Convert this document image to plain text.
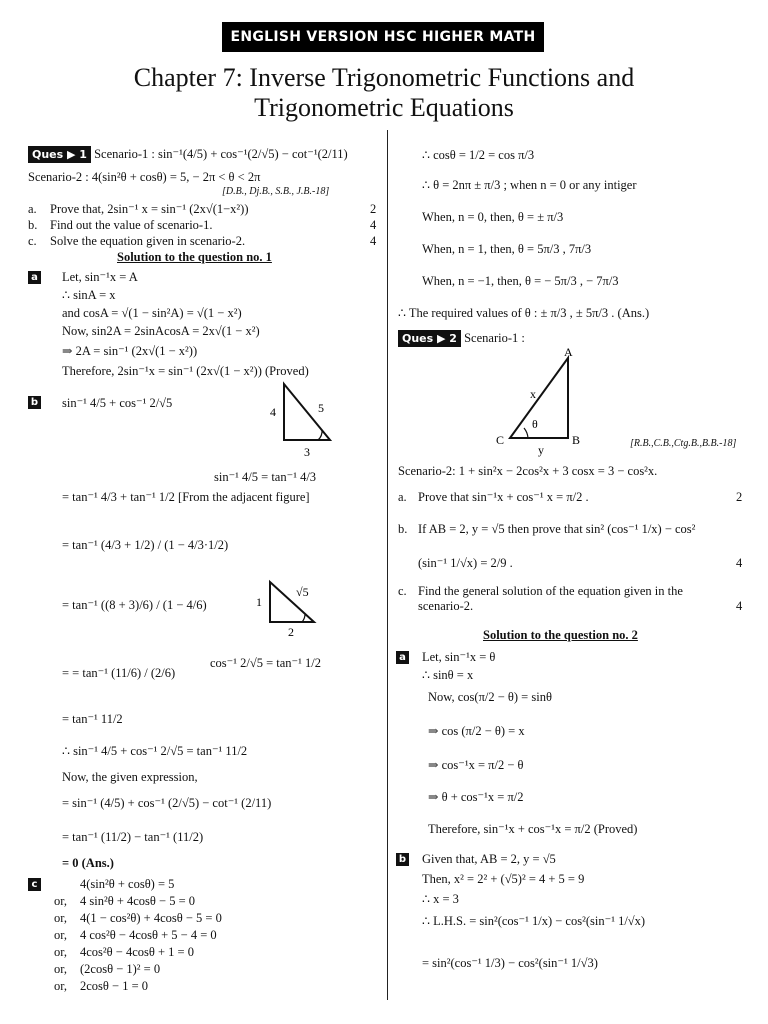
ENGLISH VERSION HSC HIGHER MATH
Chapter 7: Inverse Trigonometric Functions and
Trigonometric Equations
Ques ▶ 1 Scenario-1 : sin⁻¹(4/5) + cos⁻¹(2/√5) − cot⁻¹(2/11)
Scenario-2 : 4(sin²θ + cosθ) = 5, − 2π < θ < 2π
[D.B., Dj.B., S.B., J.B.-18]
a. Prove that, 2sin⁻¹ x = sin⁻¹ (2x√(1−x²))	2
b. Find out the value of scenario-1.	4
c. Solve the equation given in scenario-2.	4
Solution to the question no. 1
a Let, sin⁻¹x = A
∴ sinA = x
and cosA = √(1 − sin²A) = √(1 − x²)
Now, sin2A = 2sinAcosA = 2x√(1 − x²)
⇒ 2A = sin⁻¹ (2x√(1 − x²))
Therefore, 2sin⁻¹x = sin⁻¹ (2x√(1 − x²)) (Proved)
b sin⁻¹ 4/5 + cos⁻¹ 2/√5
4	5
3
sin⁻¹ 4/5 = tan⁻¹ 4/3
= tan⁻¹ 4/3 + tan⁻¹ 1/2 [From the adjacent figure]
= tan⁻¹ (4/3 + 1/2) / (1 − 4/3·1/2)
= tan⁻¹ ((8 + 3)/6) / (1 − 4/6)	1
√5
2
= = tan⁻¹ (11/6) / (2/6)
cos⁻¹ 2/√5 = tan⁻¹ 1/2
= tan⁻¹ 11/2
∴ sin⁻¹ 4/5 + cos⁻¹ 2/√5 = tan⁻¹ 11/2
Now, the given expression,
= sin⁻¹ (4/5) + cos⁻¹ (2/√5) − cot⁻¹ (2/11)
= tan⁻¹ (11/2) − tan⁻¹ (11/2)
= 0 (Ans.)
c	4(sin²θ + cosθ) = 5
or, 4 sin²θ + 4cosθ − 5 = 0
or, 4(1 − cos²θ) + 4cosθ − 5 = 0
or, 4 cos²θ − 4cosθ + 5 − 4 = 0
or, 4cos²θ − 4cosθ + 1 = 0
or, (2cosθ − 1)² = 0
or, 2cosθ − 1 = 0
∴ cosθ = 1/2 = cos π/3
∴ θ = 2nπ ± π/3 ; when n = 0 or any intiger
When, n = 0, then, θ = ± π/3
When, n = 1, then, θ = 5π/3 , 7π/3
When, n = −1, then, θ = − 5π/3 , − 7π/3
∴ The required values of θ : ± π/3 , ± 5π/3 . (Ans.)
Ques ▶ 2 Scenario-1 :
A
B
C
x
y
θ
[R.B.,C.B.,Ctg.B.,B.B.-18]
Scenario-2: 1 + sin²x − 2cos²x + 3 cosx = 3 − cos²x.
a. Prove that sin⁻¹x + cos⁻¹ x = π/2 .	2
b. If AB = 2, y = √5 then prove that sin² (cos⁻¹ 1/x) − cos²
(sin⁻¹ 1/√x) = 2/9 .	4
c. Find the general solution of the equation given in the
scenario-2.	4
Solution to the question no. 2
a Let, sin⁻¹x = θ
∴ sinθ = x
Now, cos(π/2 − θ) = sinθ
⇒ cos (π/2 − θ) = x
⇒ cos⁻¹x = π/2 − θ
⇒ θ + cos⁻¹x = π/2
Therefore, sin⁻¹x + cos⁻¹x = π/2 (Proved)
b Given that, AB = 2, y = √5
Then, x² = 2² + (√5)² = 4 + 5 = 9
∴ x = 3
∴ L.H.S. = sin²(cos⁻¹ 1/x) − cos²(sin⁻¹ 1/√x)
= sin²(cos⁻¹ 1/3) − cos²(sin⁻¹ 1/√3)
